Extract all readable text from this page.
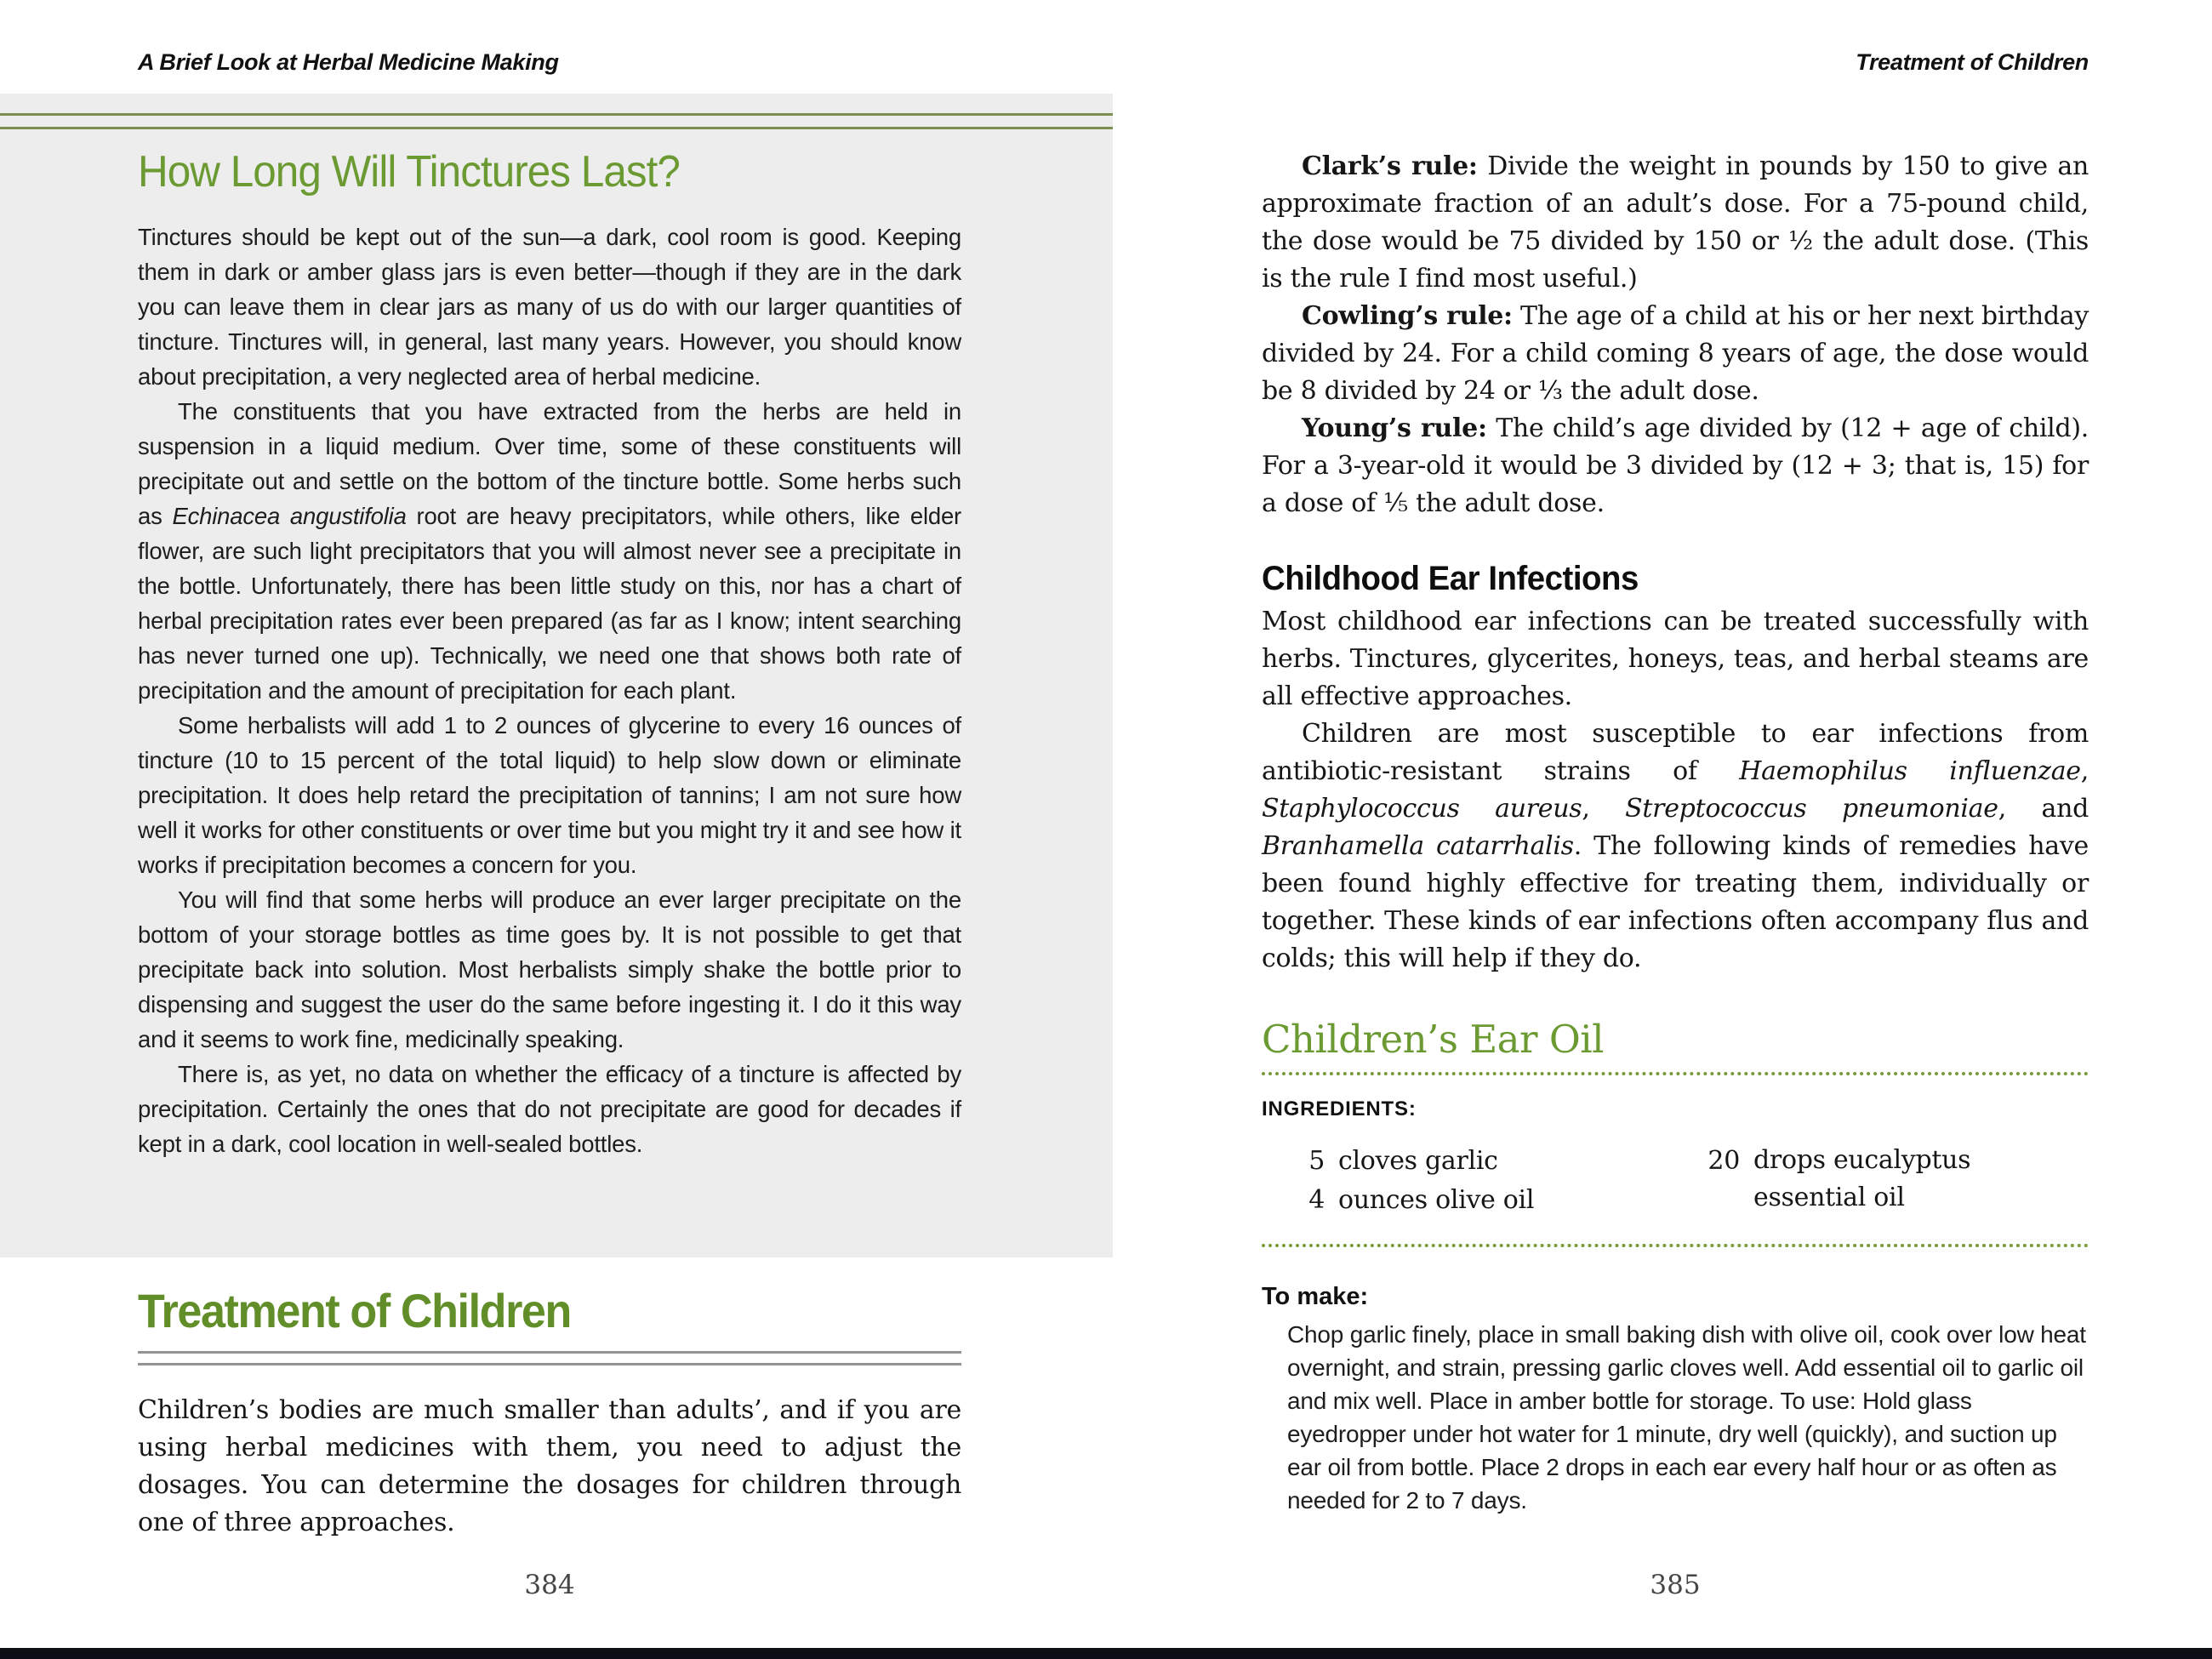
A Brief Look at Herbal Medicine Making
How Long Will Tinctures Last?

Tinctures should be kept out of the sun—a dark, cool room is good. Keeping them in dark or amber glass jars is even better—though if they are in the dark you can leave them in clear jars as many of us do with our larger quantities of tincture. Tinctures will, in general, last many years. However, you should know about precipitation, a very neglected area of herbal medicine.

The constituents that you have extracted from the herbs are held in suspension in a liquid medium. Over time, some of these constituents will precipitate out and settle on the bottom of the tincture bottle. Some herbs such as Echinacea angustifolia root are heavy precipitators, while others, like elder flower, are such light precipitators that you will almost never see a precipitate in the bottle. Unfortunately, there has been little study on this, nor has a chart of herbal precipitation rates ever been prepared (as far as I know; intent searching has never turned one up). Technically, we need one that shows both rate of precipitation and the amount of precipitation for each plant.

Some herbalists will add 1 to 2 ounces of glycerine to every 16 ounces of tincture (10 to 15 percent of the total liquid) to help slow down or eliminate precipitation. It does help retard the precipitation of tannins; I am not sure how well it works for other constituents or over time but you might try it and see how it works if precipitation becomes a concern for you.

You will find that some herbs will produce an ever larger precipitate on the bottom of your storage bottles as time goes by. It is not possible to get that precipitate back into solution. Most herbalists simply shake the bottle prior to dispensing and suggest the user do the same before ingesting it. I do it this way and it seems to work fine, medicinally speaking.

There is, as yet, no data on whether the efficacy of a tincture is affected by precipitation. Certainly the ones that do not precipitate are good for decades if kept in a dark, cool location in well-sealed bottles.

Treatment of Children

Children’s bodies are much smaller than adults’, and if you are using herbal medicines with them, you need to adjust the dosages. You can determine the dosages for children through one of three approaches.

384
Treatment of Children

Clark’s rule: Divide the weight in pounds by 150 to give an approximate fraction of an adult’s dose. For a 75-pound child, the dose would be 75 divided by 150 or ½ the adult dose. (This is the rule I find most useful.)

Cowling’s rule: The age of a child at his or her next birthday divided by 24. For a child coming 8 years of age, the dose would be 8 divided by 24 or ⅓ the adult dose.

Young’s rule: The child’s age divided by (12 + age of child). For a 3-year-old it would be 3 divided by (12 + 3; that is, 15) for a dose of ⅕ the adult dose.

Childhood Ear Infections

Most childhood ear infections can be treated successfully with herbs. Tinctures, glycerites, honeys, teas, and herbal steams are all effective approaches.

Children are most susceptible to ear infections from antibiotic-resistant strains of Haemophilus influenzae, Staphylococcus aureus, Streptococcus pneumoniae, and Branhamella catarrhalis. The following kinds of remedies have been found highly effective for treating them, individually or together. These kinds of ear infections often accompany flus and colds; this will help if they do.

Children’s Ear Oil
INGREDIENTS:
5 cloves garlic
4 ounces olive oil
20 drops eucalyptus essential oil
To make:

Chop garlic finely, place in small baking dish with olive oil, cook over low heat overnight, and strain, pressing garlic cloves well. Add essential oil to garlic oil and mix well. Place in amber bottle for storage. To use: Hold glass eyedropper under hot water for 1 minute, dry well (quickly), and suction up ear oil from bottle. Place 2 drops in each ear every half hour or as often as needed for 2 to 7 days.

385
